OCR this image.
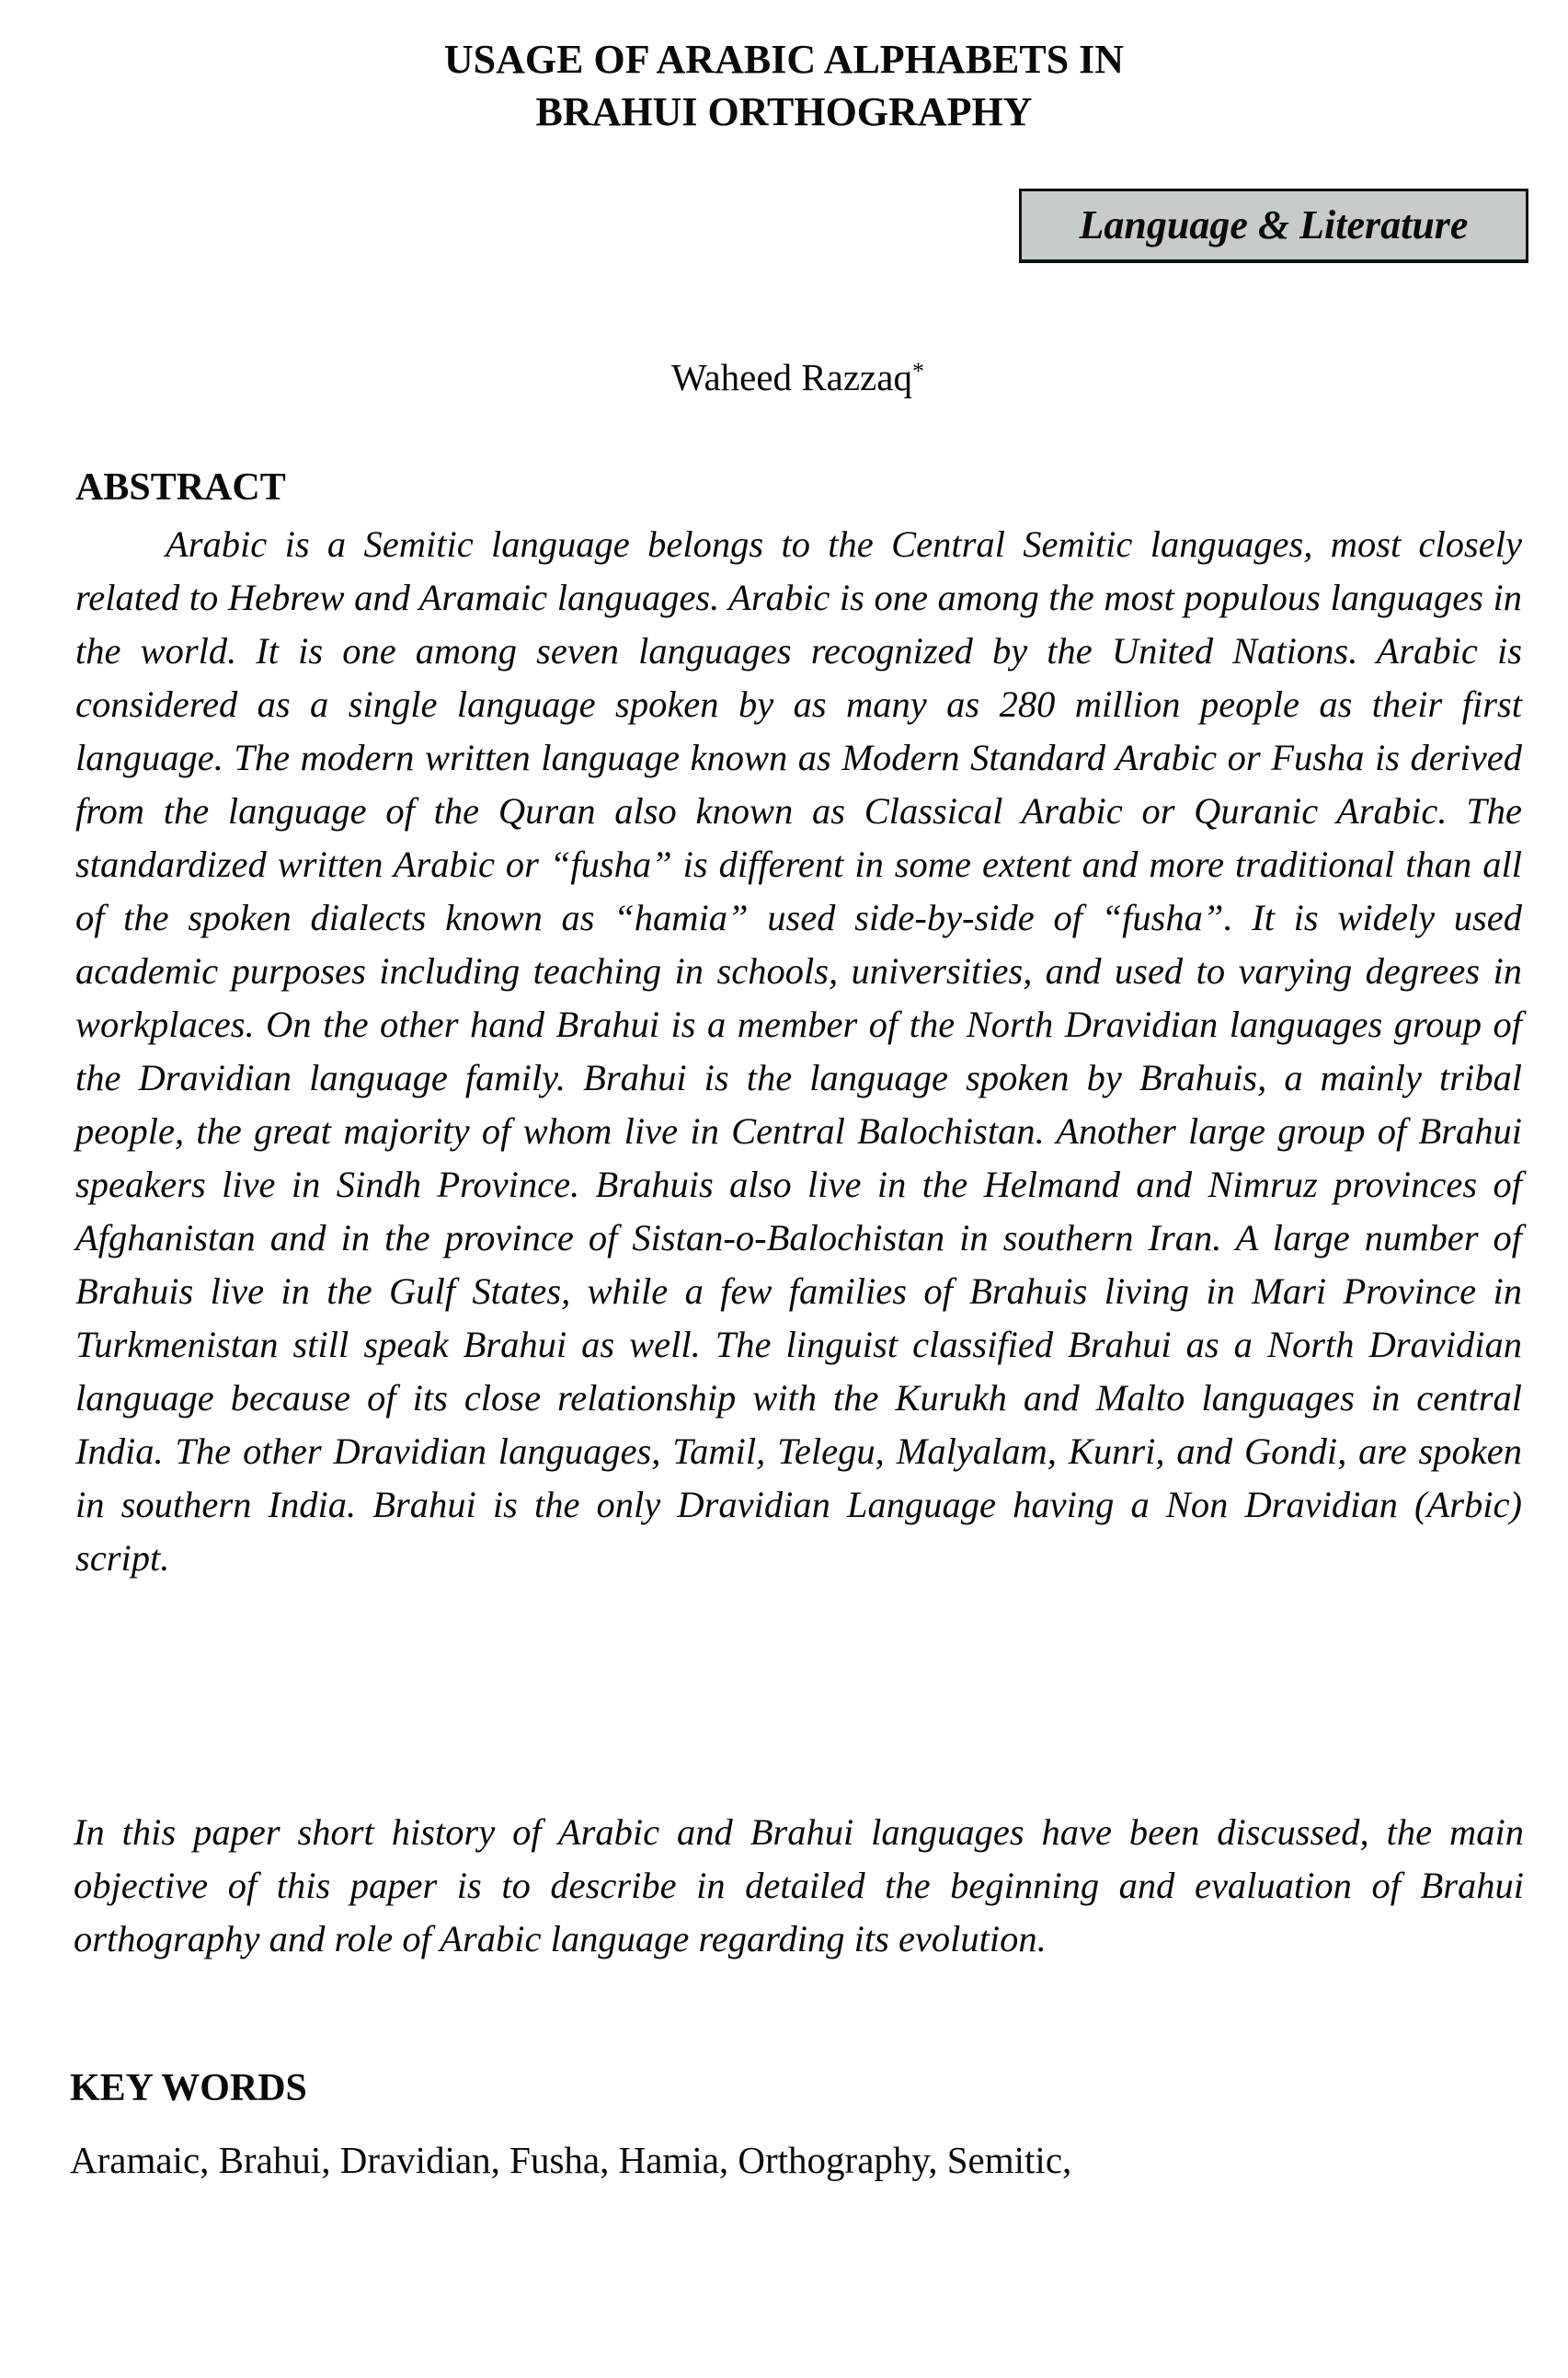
USAGE OF ARABIC ALPHABETS IN
BRAHUI ORTHOGRAPHY
Language & Literature
Waheed Razzaq*
ABSTRACT

Arabic is a Semitic language belongs to the Central Semitic languages, most closely related to Hebrew and Aramaic languages. Arabic is one among the most populous languages in the world. It is one among seven languages recognized by the United Nations. Arabic is considered as a single language spoken by as many as 280 million people as their first language. The modern written language known as Modern Standard Arabic or Fusha is derived from the language of the Quran also known as Classical Arabic or Quranic Arabic. The standardized written Arabic or “fusha” is different in some extent and more traditional than all of the spoken dialects known as “hamia” used side-by-side of “fusha”. It is widely used academic purposes including teaching in schools, universities, and used to varying degrees in workplaces. On the other hand Brahui is a member of the North Dravidian languages group of the Dravidian language family. Brahui is the language spoken by Brahuis, a mainly tribal people, the great majority of whom live in Central Balochistan. Another large group of Brahui speakers live in Sindh Province. Brahuis also live in the Helmand and Nimruz provinces of Afghanistan and in the province of Sistan-o-Balochistan in southern Iran. A large number of Brahuis live in the Gulf States, while a few families of Brahuis living in Mari Province in Turkmenistan still speak Brahui as well. The linguist classified Brahui as a North Dravidian language because of its close relationship with the Kurukh and Malto languages in central India. The other Dravidian languages, Tamil, Telegu, Malyalam, Kunri, and Gondi, are spoken in southern India. Brahui is the only Dravidian Language having a Non Dravidian (Arbic) script.

In this paper short history of Arabic and Brahui languages have been discussed, the main objective of this paper is to describe in detailed the beginning and evaluation of Brahui orthography and role of Arabic language regarding its evolution.

KEY WORDS

Aramaic, Brahui, Dravidian, Fusha, Hamia, Orthography, Semitic,
